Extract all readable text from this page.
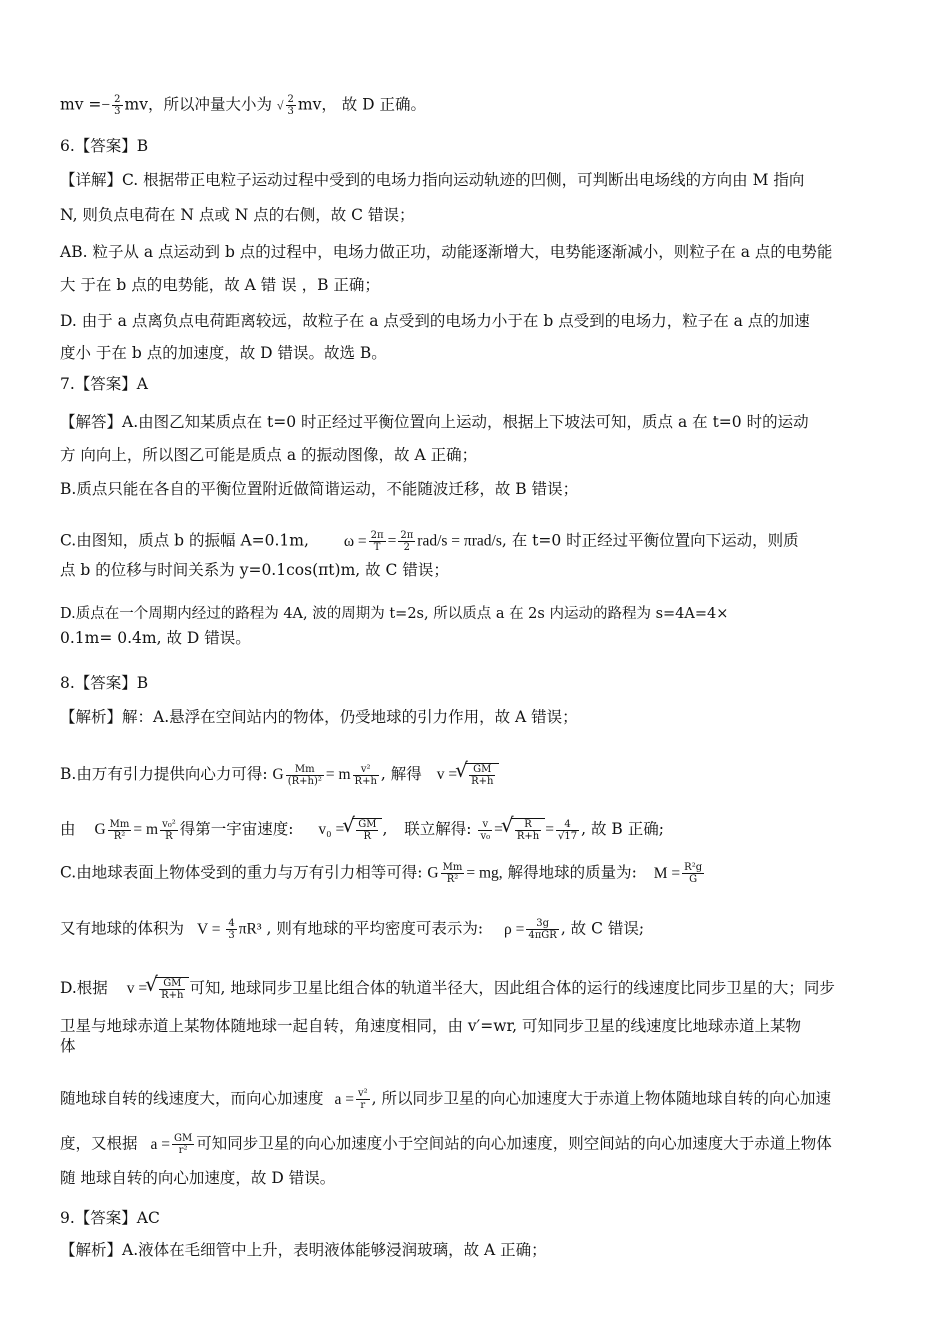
mv =− $\frac{2}{3}$ mv，所以冲量大小为 √ $\frac{2}{3}$ mv， 故 D 正确。
6.【答案】B
【详解】C. 根据带正电粒子运动过程中受到的电场力指向运动轨迹的凹侧，可判断出电场线的方向由 M 指向
N, 则负点电荷在 N 点或 N 点的右侧，故 C 错误；
AB. 粒子从 a 点运动到 b 点的过程中，电场力做正功，动能逐渐增大，电势能逐渐减小，则粒子在 a 点的电势能
大 于在 b 点的电势能，故 A 错 误 ，B 正确；
D. 由于 a 点离负点电荷距离较远，故粒子在 a 点受到的电场力小于在 b 点受到的电场力，粒子在 a 点的加速
度小 于在 b 点的加速度，故 D 错误。故选 B。
7.【答案】A
【解答】A.由图乙知某质点在 t=0 时正经过平衡位置向上运动，根据上下坡法可知，质点 a 在 t=0 时的运动
方 向向上，所以图乙可能是质点 a 的振动图像，故 A 正确；
B.质点只能在各自的平衡位置附近做简谐运动，不能随波迁移，故 B 错误；
C.由图知，质点 b 的振幅 A=0.1m, $\omega = \frac{2\pi}{T} = \frac{2\pi}{2} rad/s = \pi rad/s$, 在 t=0 时正经过平衡位置向下运动，则质
点 b 的位移与时间关系为 y=0.1cos(πt)m, 故 C 错误；
D.质点在一个周期内经过的路程为 4A, 波的周期为 t=2s, 所以质点 a 在 2s 内运动的路程为 s=4A=4×
0.1m= 0.4m, 故 D 错误。
8.【答案】B
【解析】解：A.悬浮在空间站内的物体，仍受地球的引力作用，故 A 错误；
B.由万有引力提供向心力可得: G $\frac{Mm}{\text{(R+h)²}} = m \frac{\text{v²}}{R+h}$ , 解得 v = √ $\frac{GM}{R+h}$
由 G $\frac{Mm}{\text{R²}} = m \frac{\text{v₀²}}{R}$ 得第一宇宙速度: v₀ = √ $\frac{GM}{R}$ , 联立解得: $\frac{v}{\text{v₀}}$ = √ $\frac{R}{R+h} = \frac{4}{√17}$ , 故 B 正确;
C.由地球表面上物体受到的重力与万有引力相等可得: G $\frac{Mm}{\text{R²}}$ = mg, 解得地球的质量为: $M = \frac{\text{R²g}}{G}$
又有地球的体积为 $V = \frac{4}{3} \pi R^3$ , 则有地球的平均密度可表示为: $\rho = \frac{3g}{\text{4πGR}}$ , 故 C 错误;
D.根据 v = √ $\frac{GM}{R+h}$ 可知, 地球同步卫星比组合体的轨道半径大，因此组合体的运行的线速度比同步卫星的大；同步
卫星与地球赤道上某物体随地球一起自转，角速度相同，由 v′=wr, 可知同步卫星的线速度比地球赤道上某物
体
随地球自转的线速度大，而向心加速度 $a = \frac{\text{v²}}{r}$ , 所以同步卫星的向心加速度大于赤道上物体随地球自转的向心加速
度，又根据 $a = \frac{GM}{\text{r²}}$ 可知同步卫星的向心加速度小于空间站的向心加速度，则空间站的向心加速度大于赤道上物体
随 地球自转的向心加速度，故 D 错误。
9.【答案】AC
【解析】A.液体在毛细管中上升，表明液体能够浸润玻璃，故 A 正确；
